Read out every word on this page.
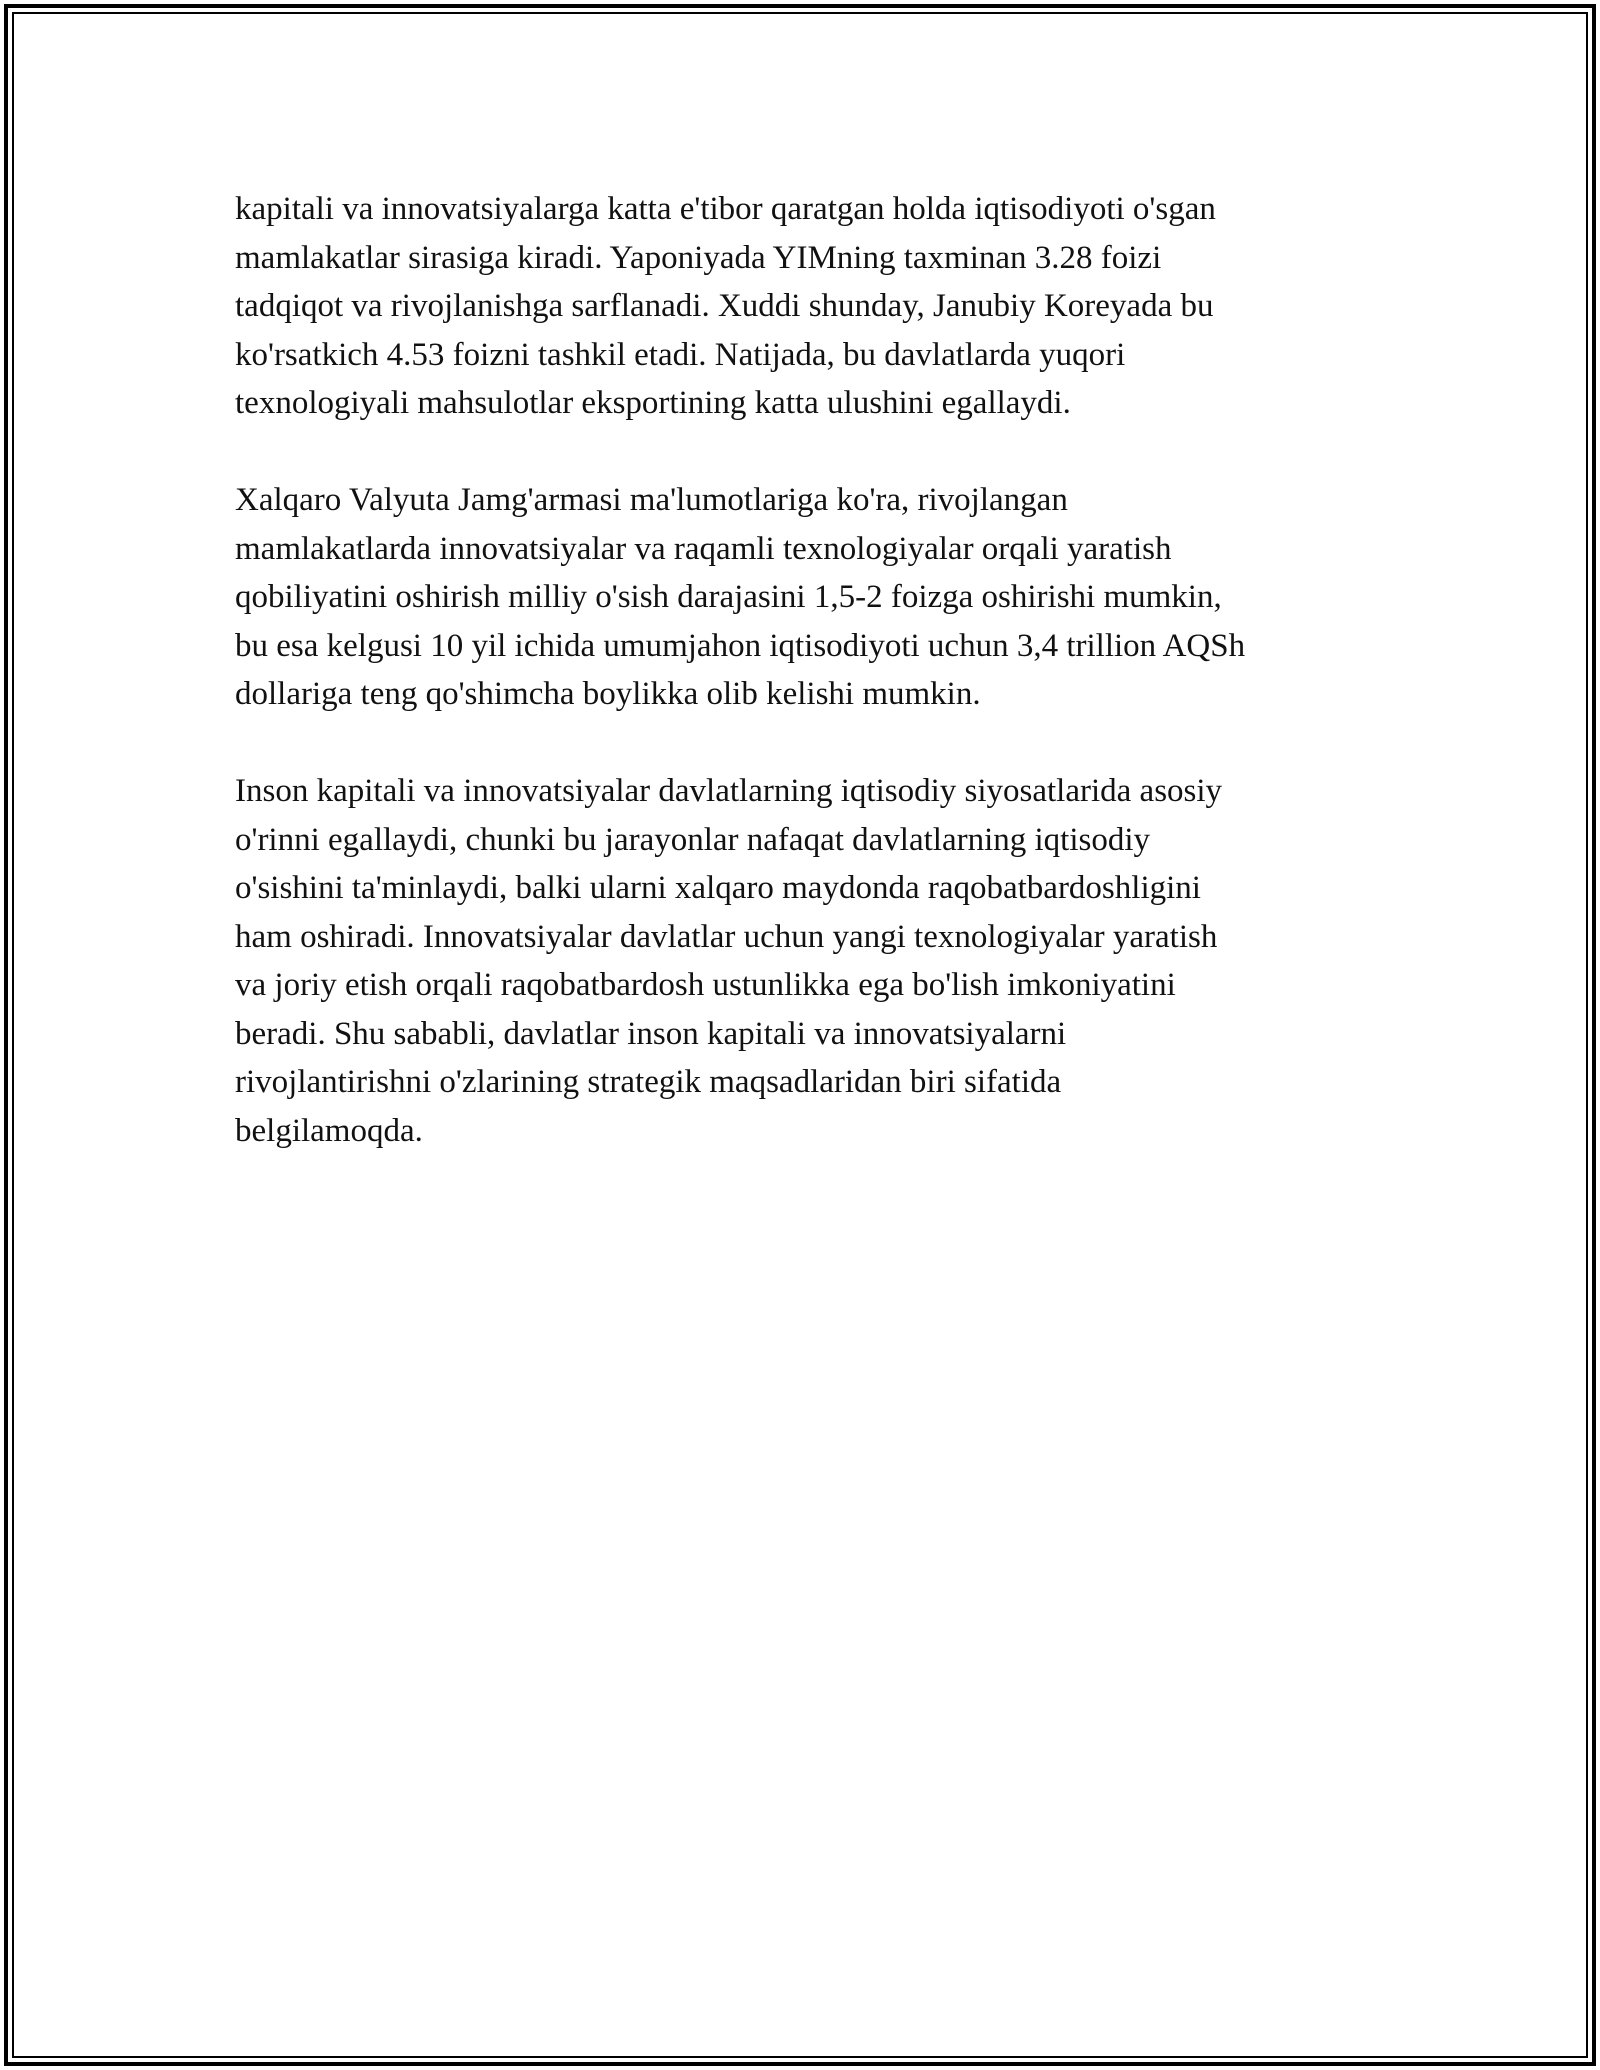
kapitali va innovatsiyalarga katta e'tibor qaratgan holda iqtisodiyoti o'sgan
mamlakatlar sirasiga kiradi. Yaponiyada YIMning taxminan 3.28 foizi
tadqiqot va rivojlanishga sarflanadi. Xuddi shunday, Janubiy Koreyada bu
ko'rsatkich 4.53 foizni tashkil etadi. Natijada, bu davlatlarda yuqori
texnologiyali mahsulotlar eksportining katta ulushini egallaydi.

Xalqaro Valyuta Jamg'armasi ma'lumotlariga ko'ra, rivojlangan
mamlakatlarda innovatsiyalar va raqamli texnologiyalar orqali yaratish
qobiliyatini oshirish milliy o'sish darajasini 1,5-2 foizga oshirishi mumkin,
bu esa kelgusi 10 yil ichida umumjahon iqtisodiyoti uchun 3,4 trillion AQSh
dollariga teng qo'shimcha boylikka olib kelishi mumkin.

Inson kapitali va innovatsiyalar davlatlarning iqtisodiy siyosatlarida asosiy
o'rinni egallaydi, chunki bu jarayonlar nafaqat davlatlarning iqtisodiy
o'sishini ta'minlaydi, balki ularni xalqaro maydonda raqobatbardoshligini
ham oshiradi. Innovatsiyalar davlatlar uchun yangi texnologiyalar yaratish
va joriy etish orqali raqobatbardosh ustunlikka ega bo'lish imkoniyatini
beradi. Shu sababli, davlatlar inson kapitali va innovatsiyalarni
rivojlantirishni o'zlarining strategik maqsadlaridan biri sifatida
belgilamoqda.
